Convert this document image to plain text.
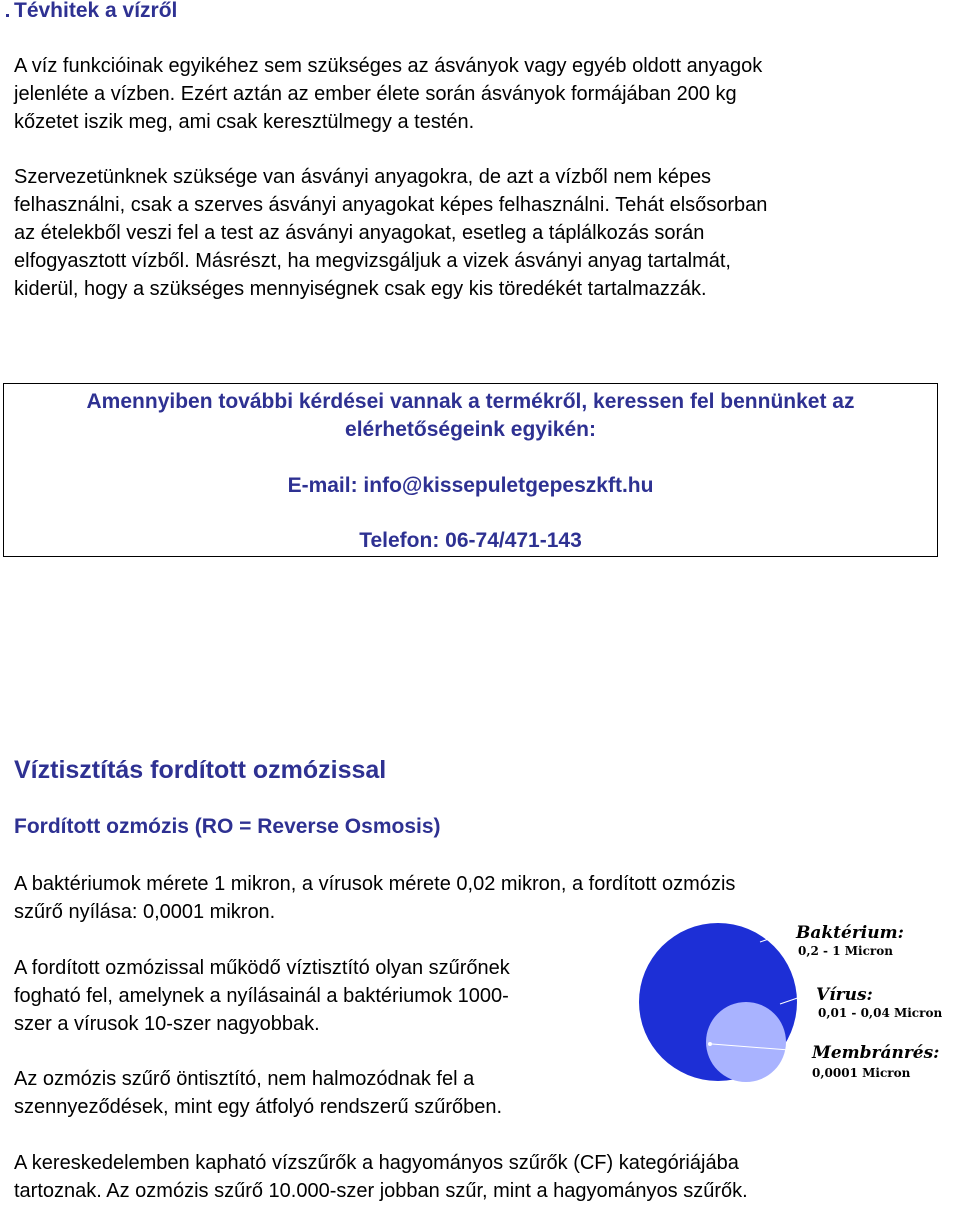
Tévhitek a vízről
A víz funkcióinak egyikéhez sem szükséges az ásványok vagy egyéb oldott anyagok
jelenléte a vízben. Ezért aztán az ember élete során ásványok formájában 200 kg
kőzetet iszik meg, ami csak keresztülmegy a testén.
Szervezetünknek szüksége van ásványi anyagokra, de azt a vízből nem képes
felhasználni, csak a szerves ásványi anyagokat képes felhasználni. Tehát elsősorban
az ételekből veszi fel a test az ásványi anyagokat, esetleg a táplálkozás során
elfogyasztott vízből. Másrészt, ha megvizsgáljuk a vizek ásványi anyag tartalmát,
kiderül, hogy a szükséges mennyiségnek csak egy kis töredékét tartalmazzák.
Amennyiben további kérdései vannak a termékről, keressen fel bennünket az
elérhetőségeink egyikén:
E-mail: info@kissepuletgepeszkft.hu
Telefon: 06-74/471-143
Víztisztítás fordított ozmózissal
Fordított ozmózis (RO = Reverse Osmosis)
A baktériumok mérete 1 mikron, a vírusok mérete 0,02 mikron, a fordított ozmózis
szűrő nyílása: 0,0001 mikron.
A fordított ozmózissal működő víztisztító olyan szűrőnek
fogható fel, amelynek a nyílásainál a baktériumok 1000-
szer a vírusok 10-szer nagyobbak.
Az ozmózis szűrő öntisztító, nem halmozódnak fel a
szennyeződések, mint egy átfolyó rendszerű szűrőben.
A kereskedelemben kapható vízszűrők a hagyományos szűrők (CF) kategóriájába
tartoznak. Az ozmózis szűrő 10.000-szer jobban szűr, mint a hagyományos szűrők.
Baktérium:
0,2 - 1 Micron
Vírus:
0,01 - 0,04 Micron
Membránrés:
0,0001 Micron
